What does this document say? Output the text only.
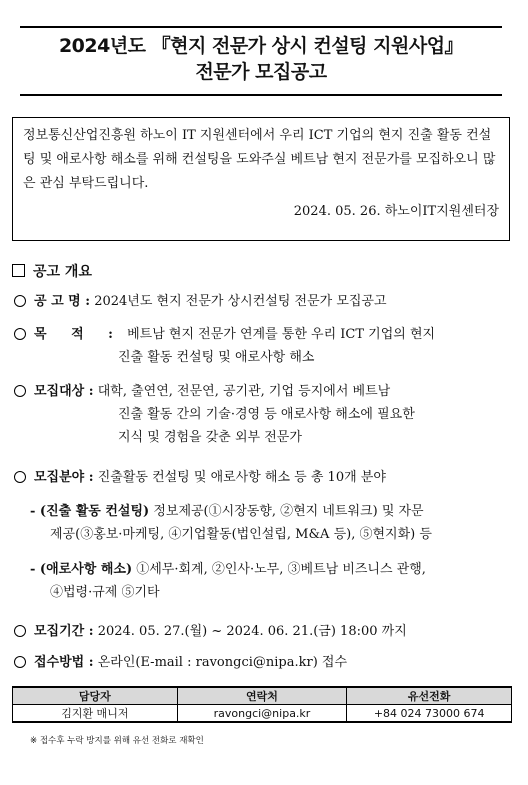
2024년도 『현지 전문가 상시 컨설팅 지원사업』
전문가 모집공고
정보통신산업진흥원 하노이 IT 지원센터에서 우리 ICT 기업의 현지 진출 활동 컨설팅 및 애로사항 해소를 위해 컨설팅을 도와주실 베트남 현지 전문가를 모집하오니 많은 관심 부탁드립니다.
2024. 05. 26. 하노이IT지원센터장
공고 개요
공 고 명 : 2024년도 현지 전문가 상시컨설팅 전문가 모집공고
목 적 : 베트남 현지 전문가 연계를 통한 우리 ICT 기업의 현지
진출 활동 컨설팅 및 애로사항 해소
모집대상 : 대학, 출연연, 전문연, 공기관, 기업 등지에서 베트남
진출 활동 간의 기술·경영 등 애로사항 해소에 필요한
지식 및 경험을 갖춘 외부 전문가
모집분야 : 진출활동 컨설팅 및 애로사항 해소 등 총 10개 분야
- (진출 활동 컨설팅) 정보제공(①시장동향, ②현지 네트워크) 및 자문
제공(③홍보·마케팅, ④기업활동(법인설립, M&A 등), ⑤현지화) 등
- (애로사항 해소) ①세무·회계, ②인사·노무, ③베트남 비즈니스 관행,
④법령·규제 ⑤기타
모집기간 : 2024. 05. 27.(월) ~ 2024. 06. 21.(금) 18:00 까지
접수방법 : 온라인(E-mail : ravongci@nipa.kr) 접수
담당자	연락처	유선전화
김지환 매니저	ravongci@nipa.kr	+84 024 73000 674
※ 접수후 누락 방지를 위해 유선 전화로 재확인
